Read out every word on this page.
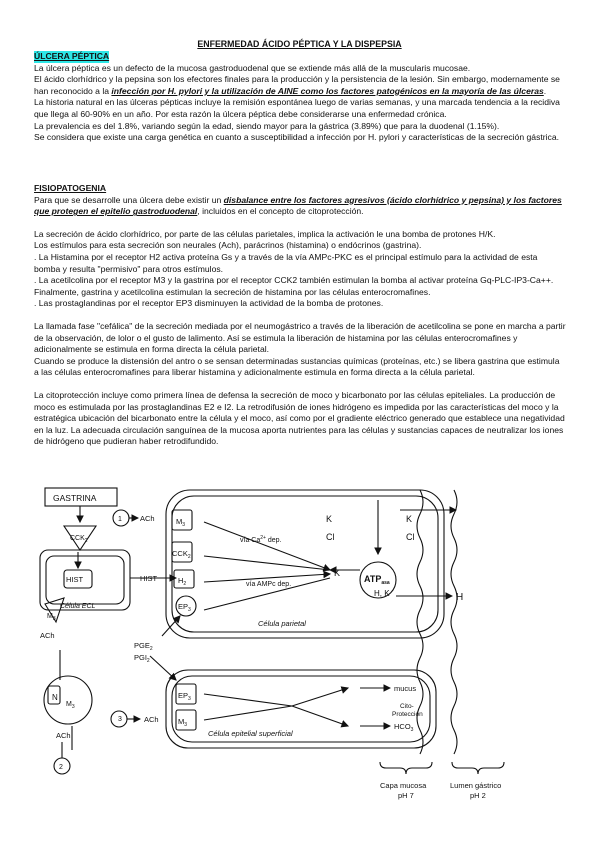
ENFERMEDAD ÁCIDO PÉPTICA Y LA DISPEPSIA

ÚLCERA PÉPTICA

La úlcera péptica es un defecto de la mucosa gastroduodenal que se extiende más allá de la muscularis mucosae.

El ácido clorhídrico y la pepsina son los efectores finales para la producción y la persistencia de la lesión. Sin embargo, modernamente se han reconocido a la infección por H. pylori y la utilización de AINE como los factores patogénicos en la mayoría de las úlceras.

La historia natural en las úlceras pépticas incluye la remisión espontánea luego de varias semanas, y una marcada tendencia a la recidiva que llega al 60-90% en un año. Por esta razón la úlcera péptica debe considerarse una enfermedad crónica.

La prevalencia es del 1.8%, variando según la edad, siendo mayor para la gástrica (3.89%) que para la duodenal (1.15%).

Se considera que existe una carga genética en cuanto a susceptibilidad a infección por H. pylori y características de la secreción gástrica.

FISIOPATOGENIA

Para que se desarrolle una úlcera debe existir un disbalance entre los factores agresivos (ácido clorhídrico y pepsina) y los factores que protegen el epitelio gastroduodenal, incluidos en el concepto de citoprotección.

La secreción de ácido clorhídrico, por parte de las células parietales, implica la activación le una bomba de protones H/K.

Los estímulos para esta secreción son neurales (Ach), parácrinos (histamina) o endócrinos (gastrina).

. La Histamina por el receptor H2 activa proteína Gs y a través de la vía AMPc-PKC es el principal estímulo para la actividad de esta bomba y resulta "permisivo" para otros estímulos.

. La acetilcolina por el receptor M3 y la gastrina por el receptor CCK2 también estimulan la bomba al activar proteína Gq-PLC-IP3-Ca++. Finalmente, gastrina y acetilcolina estimulan la secreción de histamina por las células enterocromafines.

. Las prostaglandinas por el receptor EP3 disminuyen la actividad de la bomba de protones.

La llamada fase "cefálica" de la secreción mediada por el neumogástrico a través de la liberación de acetilcolina se pone en marcha a partir de la observación, de lolor o el gusto de lalimento. Así se estimula la liberación de histamina por las células enterocromafines y adicionalmente se estimula en forma directa la célula parietal.

Cuando se produce la distensión del antro o se sensan determinadas sustancias químicas (proteínas, etc.) se libera gastrina que estimula a las células enterocromafines para liberar histamina y adicionalmente estimula en forma directa a la célula parietal.

La citoprotección incluye como primera línea de defensa la secreción de moco y bicarbonato por las células epiteliales. La producción de moco es estimulada por las prostaglandinas E2 e I2. La retrodifusión de iones hidrógeno es impedida por las características del moco y la estratégica ubicación del bicarbonato entre la célula y el moco, así como por el gradiente eléctrico generado que establece una negatividad en la luz. La adecuada circulación sanguínea de la mucosa aporta nutrientes para las células y sustancias capaces de neutralizar los iones de hidrógeno que pudieran haber retrodifundido.

GASTRINA
$CCK_2$
HIST
Célula ECL
$M_3$
ACh
HIST
ACh	$M_3$
$CCK_2$
$H_2$
$EP_3$
vía $Ca^{2+}$ dep.
vía AMPc dep.
Célula parietal
K
Cl
K
Cl
K
$ATP_{asa}$
H, K	H
$PGE_2$
$PGI_2$
N
$M_3$
ACh
3
2
1
ACh
$EP_3$
$M_3$
Célula epitelial superficial
mucus
$HCO_3$
Cito-
Protección
Capa mucosa
pH 7
Lumen gástrico
pH 2
